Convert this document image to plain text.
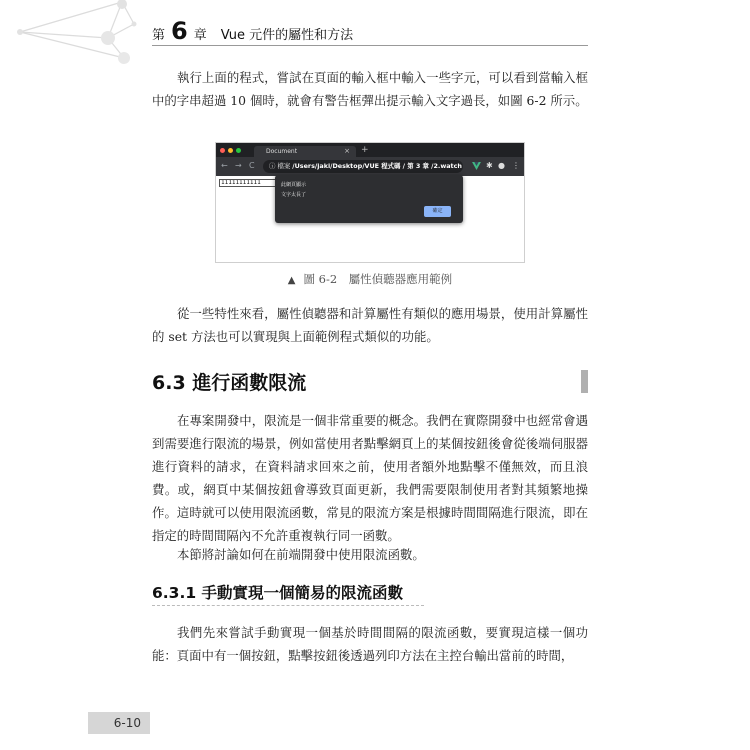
第 6 章 Vue 元件的屬性和方法

執行上面的程式，嘗試在頁面的輸入框中輸入一些字元，可以看到當輸入框中的字串超過 10 個時，就會有警告框彈出提示輸入文字過長，如圖 6-2 所示。

Document	× +
← → C	ⓘ 檔案 /Users/jaki/Desktop/VUE 程式碼 / 第 3 章 /2.watch	✱ ● ⋮
11111111111	此網頁顯示
文字太長了
確定
▲ 圖 6-2　屬性偵聽器應用範例

從一些特性來看，屬性偵聽器和計算屬性有類似的應用場景，使用計算屬性的 set 方法也可以實現與上面範例程式類似的功能。

6.3 進行函數限流

在專案開發中，限流是一個非常重要的概念。我們在實際開發中也經常會遇到需要進行限流的場景，例如當使用者點擊網頁上的某個按鈕後會從後端伺服器進行資料的請求，在資料請求回來之前，使用者額外地點擊不僅無效，而且浪費。或，網頁中某個按鈕會導致頁面更新，我們需要限制使用者對其頻繁地操作。這時就可以使用限流函數，常見的限流方案是根據時間間隔進行限流，即在指定的時間間隔內不允許重複執行同一函數。

本節將討論如何在前端開發中使用限流函數。

6.3.1 手動實現一個簡易的限流函數

我們先來嘗試手動實現一個基於時間間隔的限流函數，要實現這樣一個功能：頁面中有一個按鈕，點擊按鈕後透過列印方法在主控台輸出當前的時間，

6-10
